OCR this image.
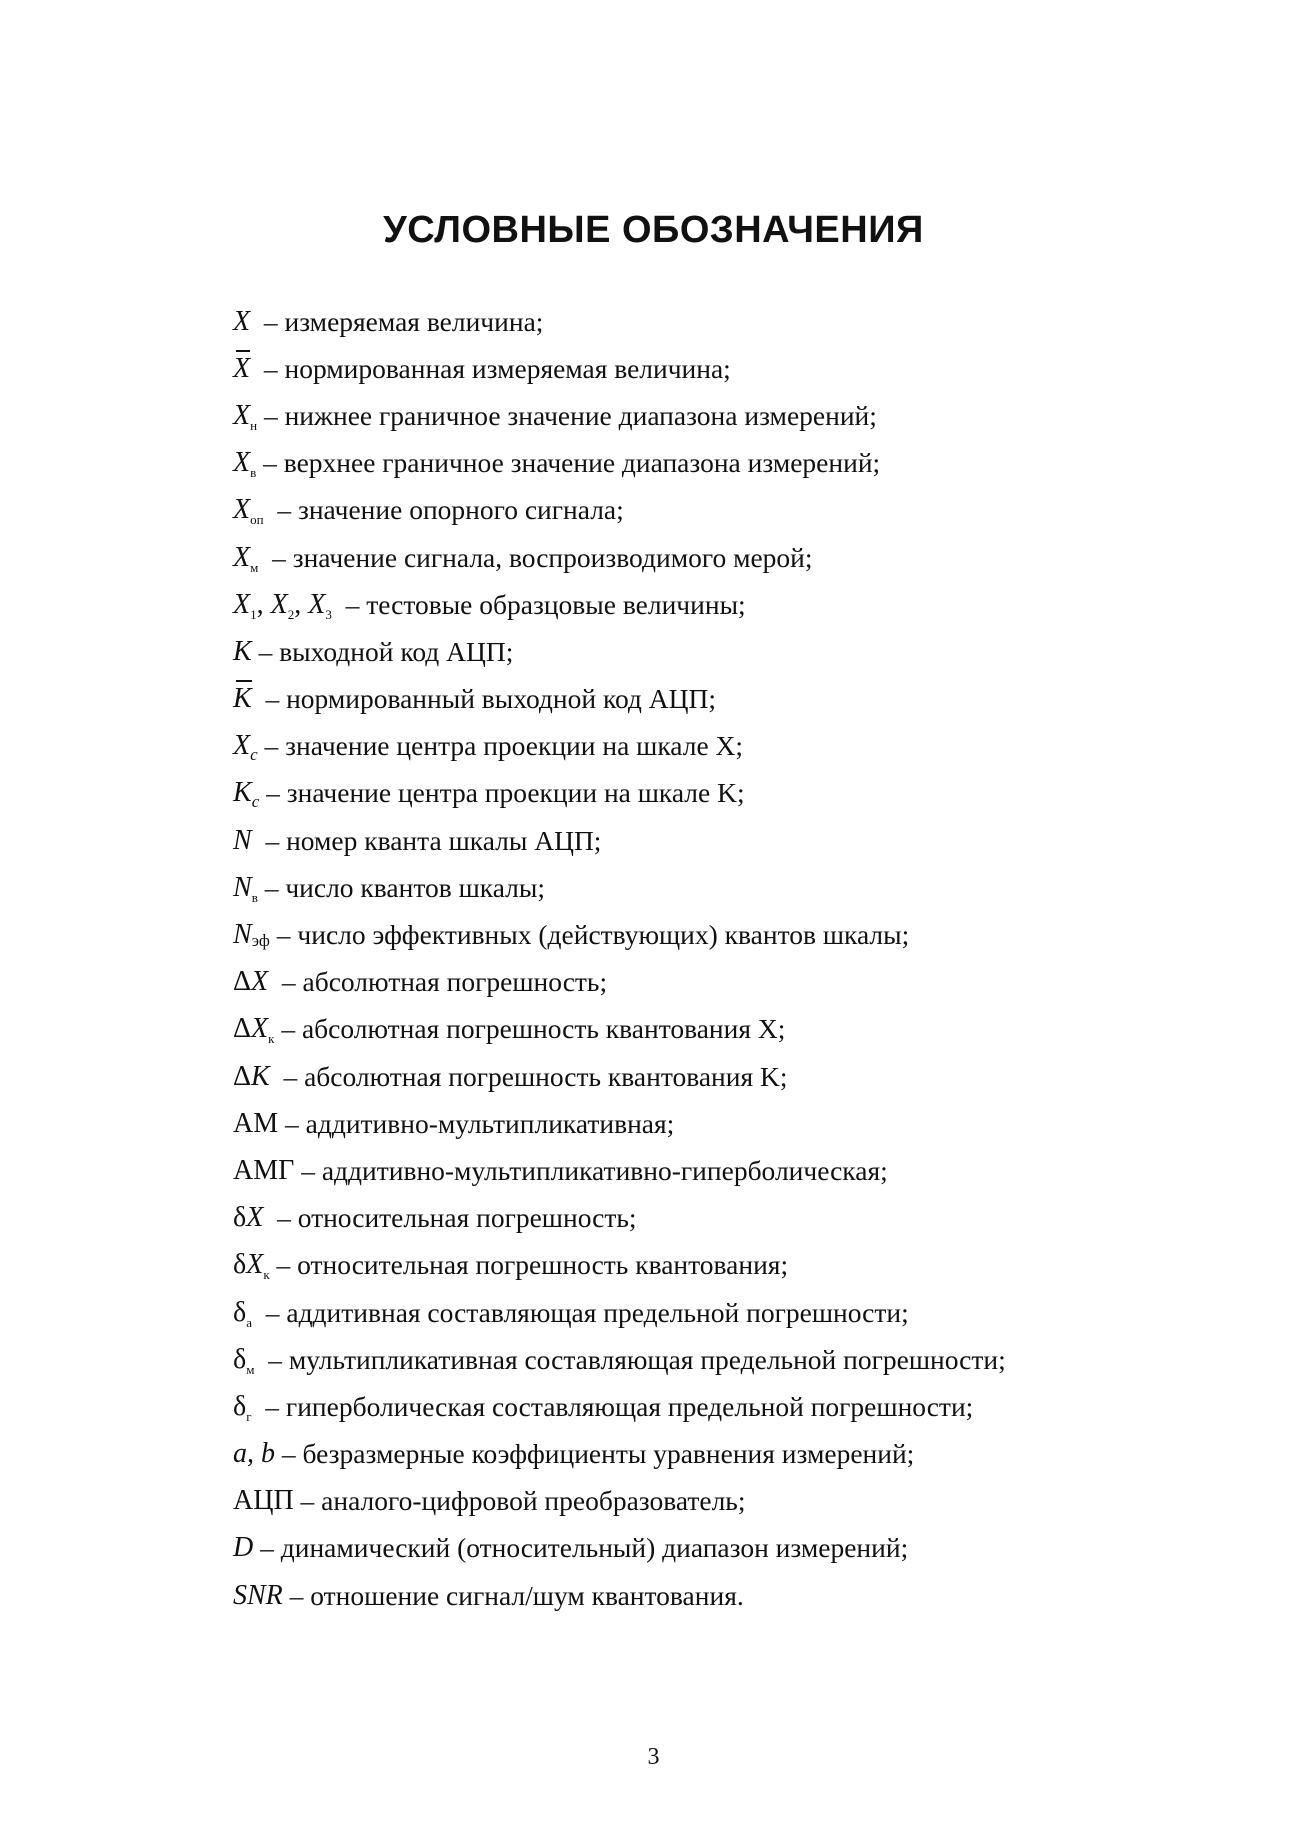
УСЛОВНЫЕ ОБОЗНАЧЕНИЯ
X
–
измеряемая величина;
X
–
нормированная измеряемая величина;
$X_н$
–
нижнее граничное значение диапазона измерений;
$X_в$
–
верхнее граничное значение диапазона измерений;
$X_{оп}$
–
значение опорного сигнала;
$X_м$
–
значение сигнала, воспроизводимого мерой;
$X_1$, $X_2$, $X_3$
–
тестовые образцовые величины;
K
–
выходной код АЦП;
K
–
нормированный выходной код АЦП;
$X_c$
–
значение центра проекции на шкале X;
$K_c$
–
значение центра проекции на шкале K;
N
–
номер кванта шкалы АЦП;
$N_в$
–
число квантов шкалы;
$N_{эф}$
–
число эффективных (действующих) квантов шкалы;
ΔX
–
абсолютная погрешность;
$\Delta X_к$
–
абсолютная погрешность квантования X;
ΔK
–
абсолютная погрешность квантования K;
АМ
–
аддитивно-мультипликативная;
АМГ
–
аддитивно-мультипликативно-гиперболическая;
δX
–
относительная погрешность;
$\delta X_к$
–
относительная погрешность квантования;
$\delta_а$
–
аддитивная составляющая предельной погрешности;
$\delta_м$
–
мультипликативная составляющая предельной погрешности;
$\delta_г$
–
гиперболическая составляющая предельной погрешности;
a, b
–
безразмерные коэффициенты уравнения измерений;
АЦП
–
аналого-цифровой преобразователь;
D
–
динамический (относительный) диапазон измерений;
SNR
–
отношение сигнал/шум квантования.

3
